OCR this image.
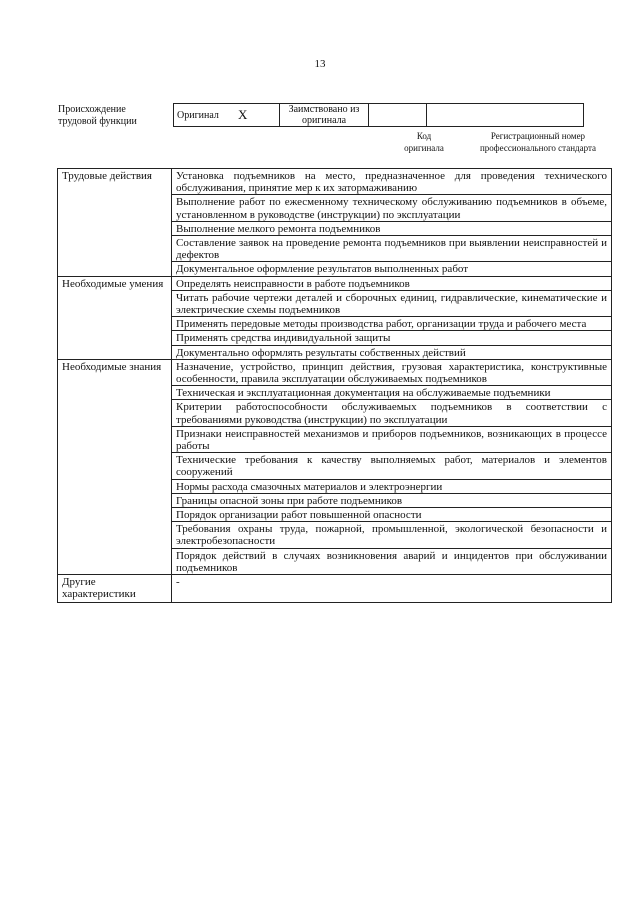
13
Происхождение
трудовой функции
Оригинал	X	Заимствовано из
оригинала

Код
оригинала
Регистрационный номер
профессионального стандарта
Трудовые действия	Установка подъемников на место, предназначенное для проведения технического обслуживания, принятие мер к их затормаживанию
	Выполнение работ по ежесменному техническому обслуживанию подъемников в объеме, установленном в руководстве (инструкции) по эксплуатации
	Выполнение мелкого ремонта подъемников
	Составление заявок на проведение ремонта подъемников при выявлении неисправностей и дефектов
	Документальное оформление результатов выполненных работ
Необходимые умения	Определять неисправности в работе подъемников
	Читать рабочие чертежи деталей и сборочных единиц, гидравлические, кинематические и электрические схемы подъемников
	Применять передовые методы производства работ, организации труда и рабочего места
	Применять средства индивидуальной защиты
	Документально оформлять результаты собственных действий
Необходимые знания	Назначение, устройство, принцип действия, грузовая характеристика, конструктивные особенности, правила эксплуатации обслуживаемых подъемников
	Техническая и эксплуатационная документация на обслуживаемые подъемники
	Критерии работоспособности обслуживаемых подъемников в соответствии с требованиями руководства (инструкции) по эксплуатации
	Признаки неисправностей механизмов и приборов подъемников, возникающих в процессе работы
	Технические требования к качеству выполняемых работ, материалов и элементов сооружений
	Нормы расхода смазочных материалов и электроэнергии
	Границы опасной зоны при работе подъемников
	Порядок организации работ повышенной опасности
	Требования охраны труда, пожарной, промышленной, экологической безопасности и электробезопасности
	Порядок действий в случаях возникновения аварий и инцидентов при обслуживании подъемников
Другие характеристики	-
